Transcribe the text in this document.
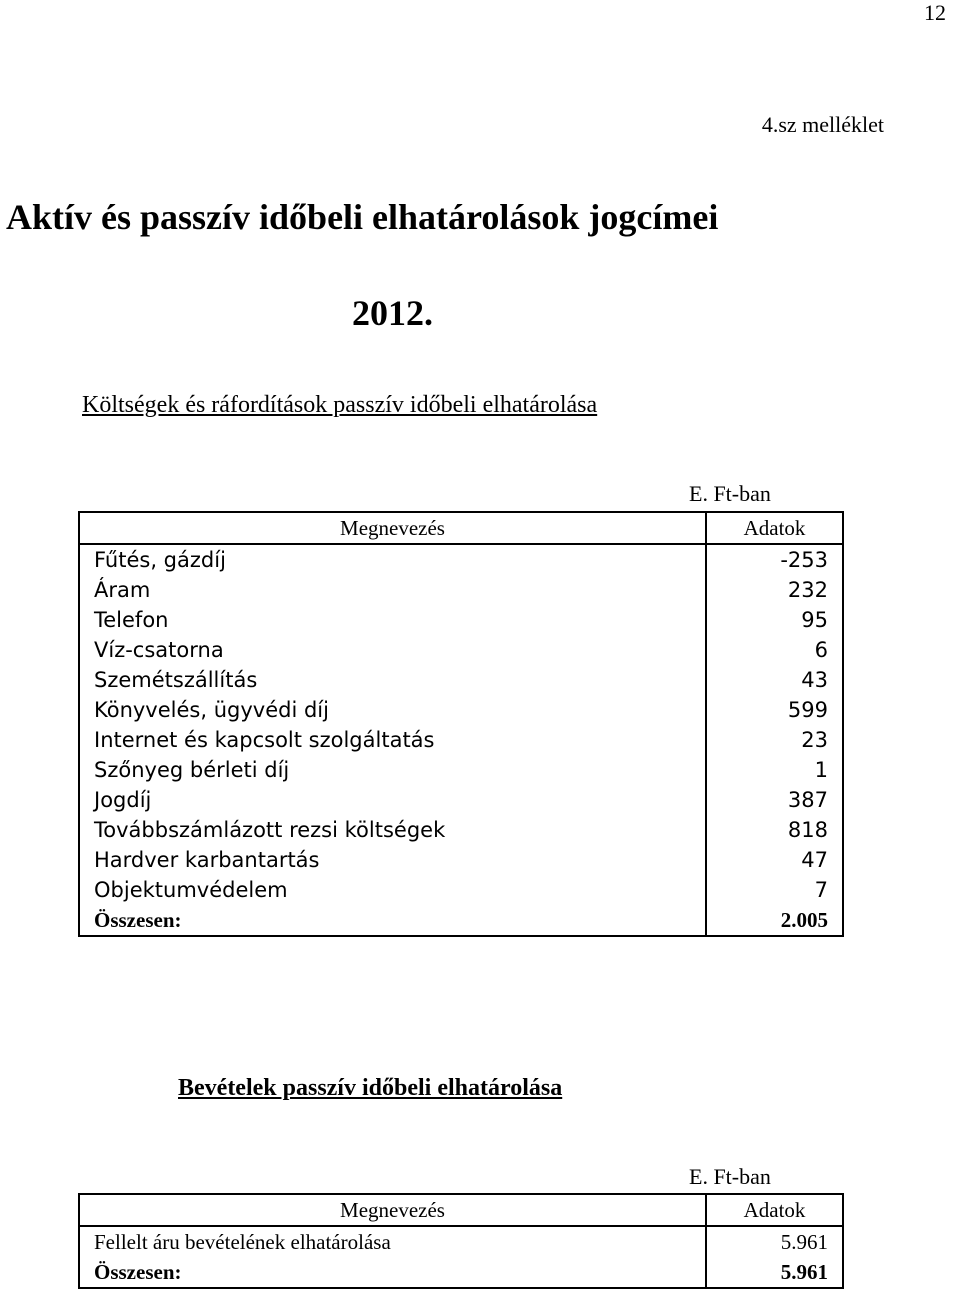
12
4.sz melléklet
Aktív és passzív időbeli elhatárolások jogcímei
2012.
Költségek és ráfordítások passzív időbeli elhatárolása
E. Ft-ban
Megnevezés	Adatok
Fűtés, gázdíj	-253
Áram	232
Telefon	95
Víz-csatorna	6
Szemétszállítás	43
Könyvelés, ügyvédi díj	599
Internet és kapcsolt szolgáltatás	23
Szőnyeg bérleti díj	1
Jogdíj	387
Továbbszámlázott rezsi költségek	818
Hardver karbantartás	47
Objektumvédelem	7
Összesen:	2.005
Bevételek passzív időbeli elhatárolása
E. Ft-ban
Megnevezés	Adatok
Fellelt áru bevételének elhatárolása	5.961
Összesen:	5.961
